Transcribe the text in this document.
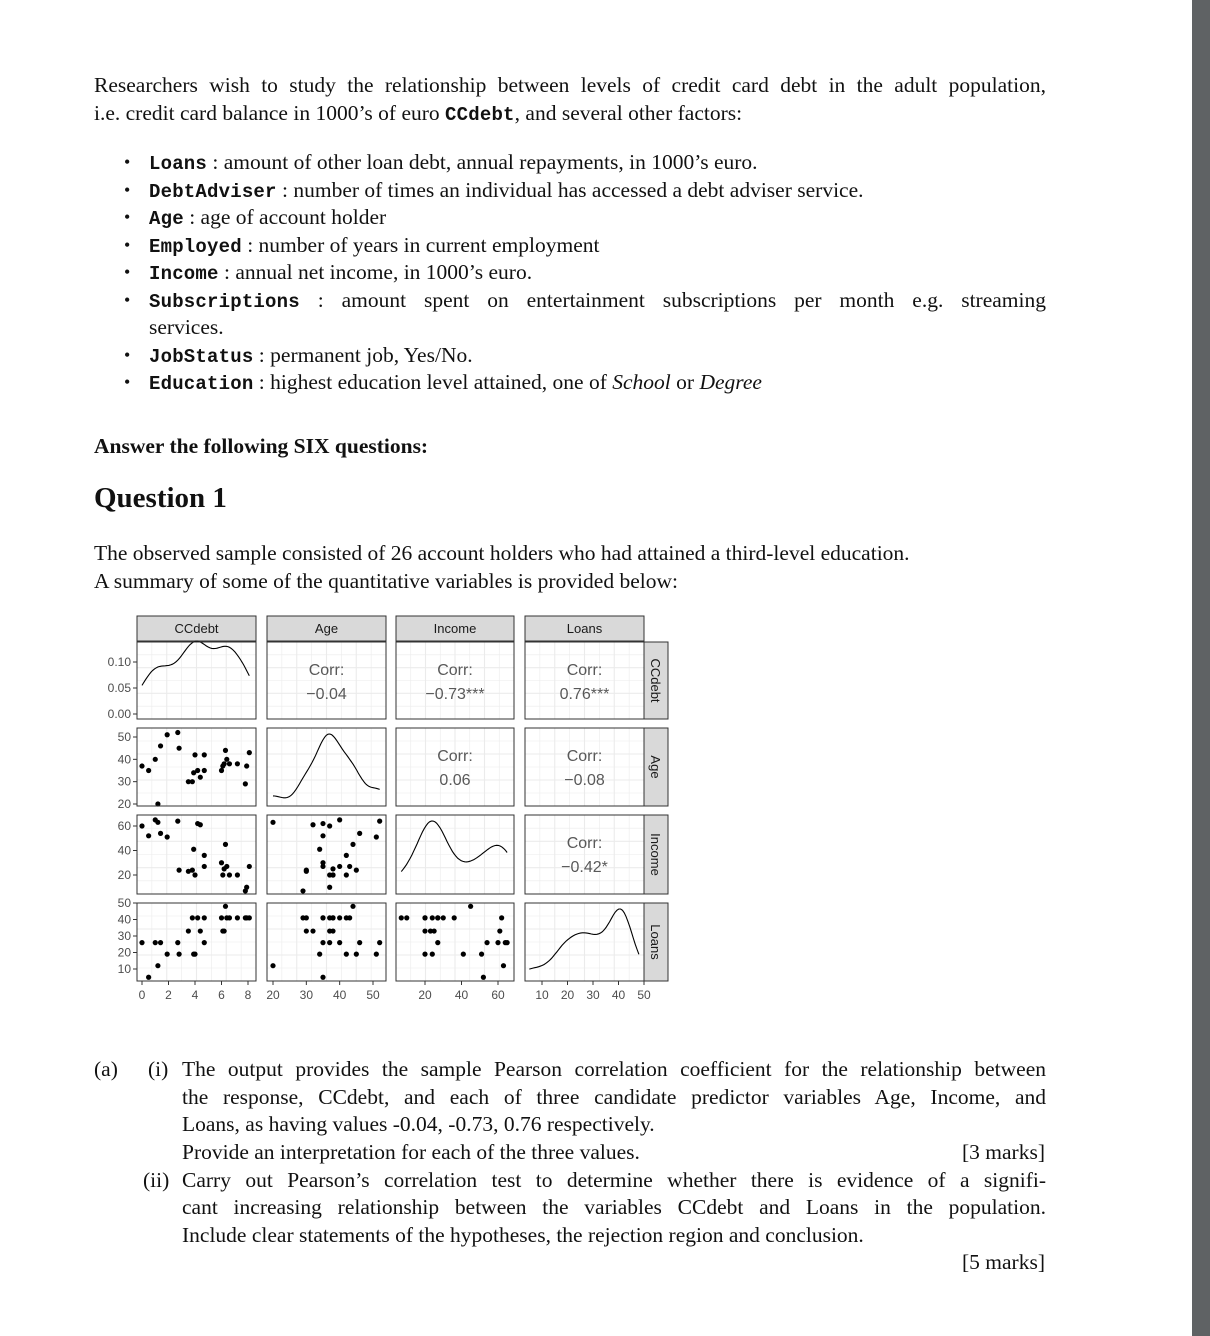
Researchers wish to study the relationship between levels of credit card debt in the adult population,
i.e. credit card balance in 1000’s of euro CCdebt, and several other factors:
• Loans : amount of other loan debt, annual repayments, in 1000’s euro.
• DebtAdviser : number of times an individual has accessed a debt adviser service.
• Age : age of account holder
• Employed : number of years in current employment
• Income : annual net income, in 1000’s euro.
• Subscriptions : amount spent on entertainment subscriptions per month e.g. streaming
services.
• JobStatus : permanent job, Yes/No.
• Education : highest education level attained, one of School or Degree
Answer the following SIX questions:
Question 1
The observed sample consisted of 26 account holders who had attained a third-level education.
A summary of some of the quantitative variables is provided below:
CCdebt
CCdebt
Age
Age
Income
Income
Loans
Loans
Corr:
−0.04
Corr:
−0.73***
Corr:
0.76***
Corr:
0.06
Corr:
−0.08
Corr:
−0.42*
0.00
0.05
0.10
20
30
40
50
20
40
60
10
20
30
40
50
0 2 4 6 8 20 30 40 50	20 40 60	10 20 30 40 50
(a) (i) The output provides the sample Pearson correlation coefficient for the relationship between
the response, CCdebt, and each of three candidate predictor variables Age, Income, and
Loans, as having values -0.04, -0.73, 0.76 respectively.
Provide an interpretation for each of the three values.	[3 marks]
(ii) Carry out Pearson’s correlation test to determine whether there is evidence of a signifi-
cant increasing relationship between the variables CCdebt and Loans in the population.
Include clear statements of the hypotheses, the rejection region and conclusion.
[5 marks]
